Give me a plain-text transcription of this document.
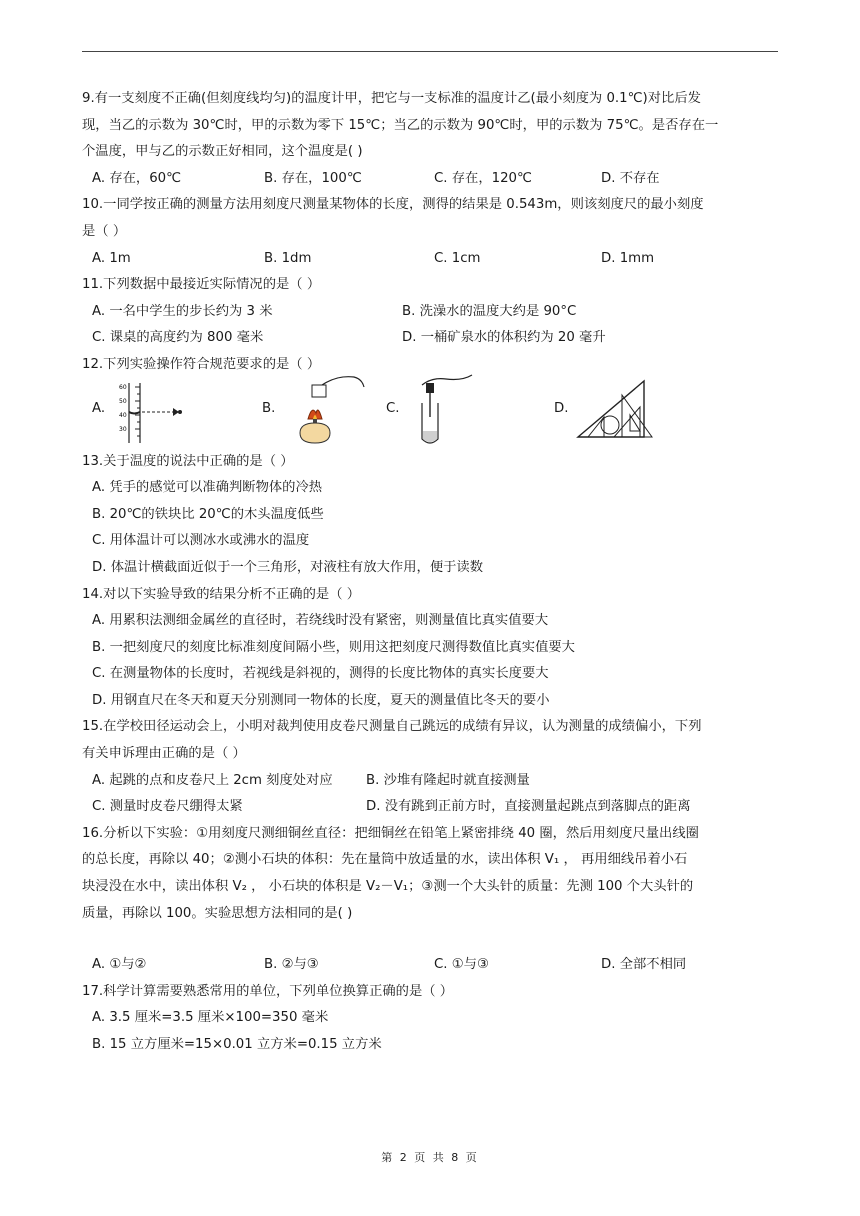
9.有一支刻度不正确(但刻度线均匀)的温度计甲，把它与一支标准的温度计乙(最小刻度为 0.1℃)对比后发
现，当乙的示数为 30℃时，甲的示数为零下 15℃；当乙的示数为 90℃时，甲的示数为 75℃。是否存在一
个温度，甲与乙的示数正好相同，这个温度是( )
A. 存在，60℃	B. 存在，100℃	C. 存在，120℃	D. 不存在
10.一同学按正确的测量方法用刻度尺测量某物体的长度，测得的结果是 0.543m，则该刻度尺的最小刻度
是（ ）
A. 1m	B. 1dm	C. 1cm	D. 1mm
11.下列数据中最接近实际情况的是（ ）
A. 一名中学生的步长约为 3 米	B. 洗澡水的温度大约是 90°C
C. 课桌的高度约为 800 毫米	D. 一桶矿泉水的体积约为 20 毫升
12.下列实验操作符合规范要求的是（ ）
A.
60
50
40
30
B.	C.	D.
13.关于温度的说法中正确的是（ ）
A. 凭手的感觉可以准确判断物体的冷热
B. 20℃的铁块比 20℃的木头温度低些
C. 用体温计可以测冰水或沸水的温度
D. 体温计横截面近似于一个三角形，对液柱有放大作用，便于读数
14.对以下实验导致的结果分析不正确的是（ ）
A. 用累积法测细金属丝的直径时，若绕线时没有紧密，则测量值比真实值要大
B. 一把刻度尺的刻度比标准刻度间隔小些，则用这把刻度尺测得数值比真实值要大
C. 在测量物体的长度时，若视线是斜视的，测得的长度比物体的真实长度要大
D. 用钢直尺在冬天和夏天分别测同一物体的长度，夏天的测量值比冬天的要小
15.在学校田径运动会上，小明对裁判使用皮卷尺测量自己跳远的成绩有异议，认为测量的成绩偏小，下列
有关申诉理由正确的是（ ）
A. 起跳的点和皮卷尺上 2cm 刻度处对应	B. 沙堆有隆起时就直接测量
C. 测量时皮卷尺绷得太紧	D. 没有跳到正前方时，直接测量起跳点到落脚点的距离
16.分析以下实验：①用刻度尺测细铜丝直径：把细铜丝在铅笔上紧密排绕 40 圈，然后用刻度尺量出线圈
的总长度，再除以 40；②测小石块的体积：先在量筒中放适量的水，读出体积 V₁ ， 再用细线吊着小石
块浸没在水中，读出体积 V₂ ， 小石块的体积是 V₂－V₁；③测一个大头针的质量：先测 100 个大头针的
质量，再除以 100。实验思想方法相同的是( )
A. ①与②	B. ②与③	C. ①与③	D. 全部不相同
17.科学计算需要熟悉常用的单位，下列单位换算正确的是（ ）
A. 3.5 厘米=3.5 厘米×100=350 毫米
B. 15 立方厘米=15×0.01 立方米=0.15 立方米
第 2 页 共 8 页
